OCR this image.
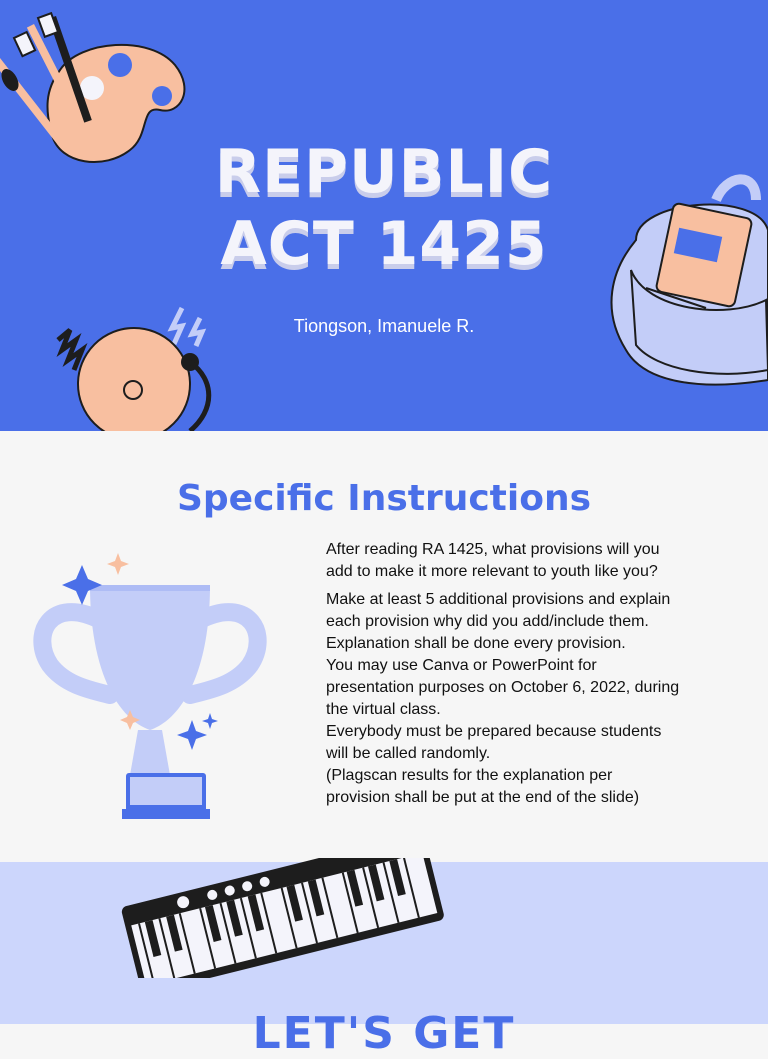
REPUBLIC
ACT 1425
Tiongson, Imanuele R.
Specific Instructions
After reading RA 1425, what provisions will you
add to make it more relevant to youth like you?
Make at least 5 additional provisions and explain
each provision why did you add/include them.
Explanation shall be done every provision.
You may use Canva or PowerPoint for
presentation purposes on October 6, 2022, during
the virtual class.
Everybody must be prepared because students
will be called randomly.
(Plagscan results for the explanation per
provision shall be put at the end of the slide)
LET'S GET
